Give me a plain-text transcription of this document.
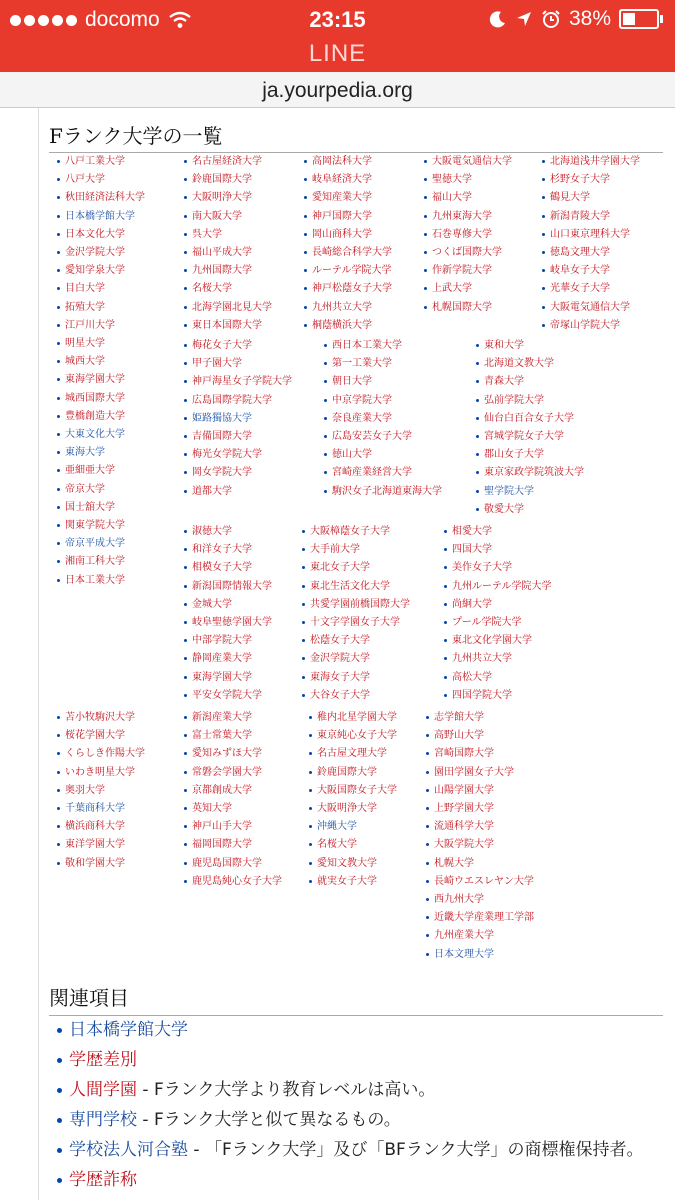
docomo	23:15	38%
LINE
ja.yourpedia.org
Fランク大学の一覧
八戸工業大学
八戸大学
秋田経済法科大学
日本橋学館大学
日本文化大学
金沢学院大学
愛知学泉大学
目白大学
拓殖大学
江戸川大学
明星大学
城西大学
東海学園大学
城西国際大学
豊橋創造大学
大東文化大学
東海大学
亜細亜大学
帝京大学
国士舘大学
関東学院大学
帝京平成大学
湘南工科大学
日本工業大学
名古屋経済大学
鈴鹿国際大学
大阪明浄大学
南大阪大学
呉大学
福山平成大学
九州国際大学
名桜大学
北海学園北見大学
東日本国際大学
高岡法科大学
岐阜経済大学
愛知産業大学
神戸国際大学
岡山商科大学
長崎総合科学大学
ルーテル学院大学
神戸松蔭女子大学
九州共立大学
桐蔭横浜大学
大阪電気通信大学
聖徳大学
福山大学
九州東海大学
石巻専修大学
つくば国際大学
作新学院大学
上武大学
札幌国際大学
北海道浅井学園大学
杉野女子大学
鶴見大学
新潟青陵大学
山口東京理科大学
徳島文理大学
岐阜女子大学
光華女子大学
大阪電気通信大学
帝塚山学院大学
梅花女子大学
甲子園大学
神戸海星女子学院大学
広島国際学院大学
姫路獨協大学
吉備国際大学
梅光女学院大学
岡女学院大学
道都大学
西日本工業大学
第一工業大学
朝日大学
中京学院大学
奈良産業大学
広島安芸女子大学
徳山大学
宮崎産業経営大学
駒沢女子北海道東海大学
東和大学
北海道文教大学
青森大学
弘前学院大学
仙台白百合女子大学
宮城学院女子大学
郡山女子大学
東京家政学院筑波大学
聖学院大学
敬愛大学
淑徳大学
和洋女子大学
相模女子大学
新潟国際情報大学
金城大学
岐阜聖徳学園大学
中部学院大学
静岡産業大学
東海学園大学
平安女学院大学
大阪樟蔭女子大学
大手前大学
東北女子大学
東北生活文化大学
共愛学園前橋国際大学
十文字学園女子大学
松蔭女子大学
金沢学院大学
東海女子大学
大谷女子大学
相愛大学
四国大学
美作女子大学
九州ルーテル学院大学
尚絅大学
プール学院大学
東北文化学園大学
九州共立大学
高松大学
四国学院大学
苫小牧駒沢大学
桜花学園大学
くらしき作陽大学
いわき明星大学
奥羽大学
千葉商科大学
横浜商科大学
東洋学園大学
敬和学園大学
新潟産業大学
富士常葉大学
愛知みずほ大学
常磐会学園大学
京都創成大学
英知大学
神戸山手大学
福岡国際大学
鹿児島国際大学
鹿児島純心女子大学
稚内北星学園大学
東京純心女子大学
名古屋文理大学
鈴鹿国際大学
大阪国際女子大学
大阪明浄大学
沖縄大学
名桜大学
愛知文教大学
就実女子大学
志学館大学
高野山大学
宮崎国際大学
園田学園女子大学
山陽学園大学
上野学園大学
流通科学大学
大阪学院大学
札幌大学
長崎ウエスレヤン大学
西九州大学
近畿大学産業理工学部
九州産業大学
日本文理大学
関連項目
日本橋学館大学
学歴差別
人間学園 - Fランク大学より教育レベルは高い。
専門学校 - Fランク大学と似て異なるもの。
学校法人河合塾 - 「Fランク大学」及び「BFランク大学」の商標権保持者。
学歴詐称
